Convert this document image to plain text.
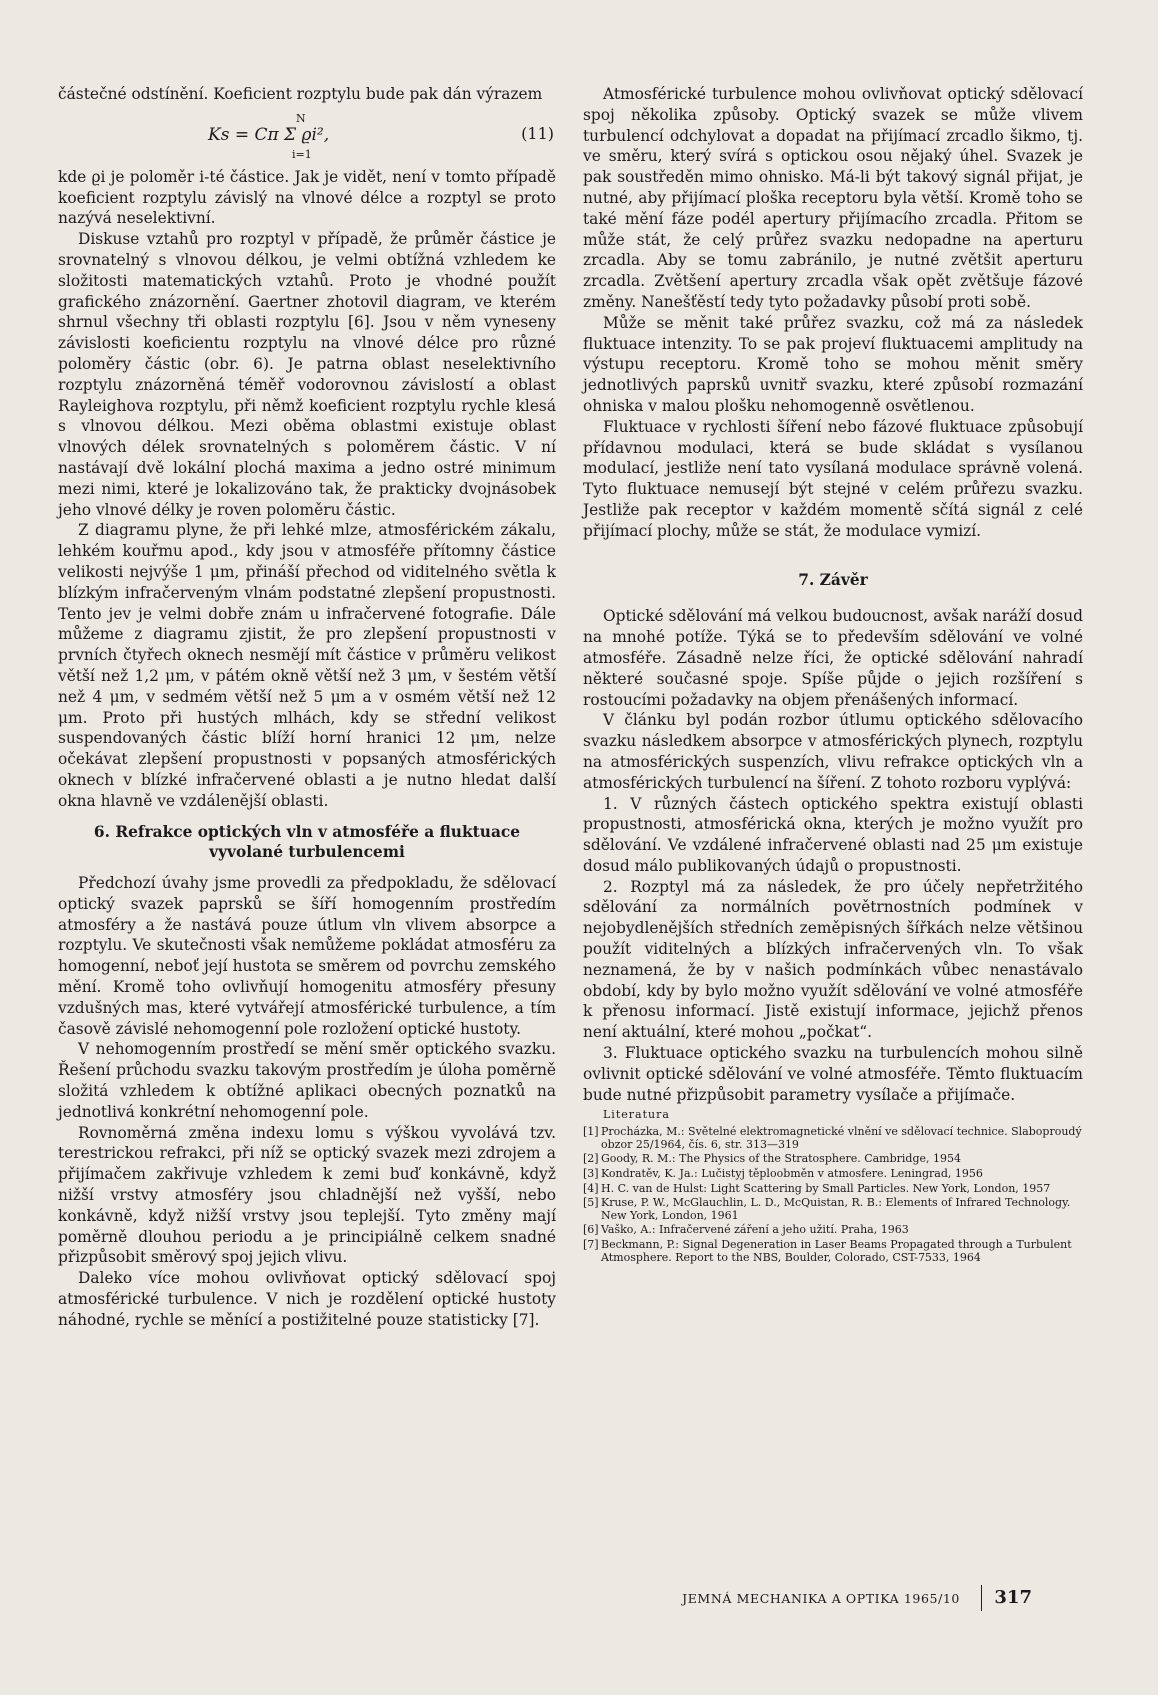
částečné odstínění. Koeficient rozptylu bude pak dán výrazem

N
Ks = Cπ Σ ϱi²,
i=1
(11)

kde ϱi je poloměr i-té částice. Jak je vidět, není v tomto případě koeficient rozptylu závislý na vlnové délce a rozptyl se proto nazývá neselektivní.

Diskuse vztahů pro rozptyl v případě, že průměr částice je srovnatelný s vlnovou délkou, je velmi obtížná vzhledem ke složitosti matematických vztahů. Proto je vhodné použít grafického znázornění. Gaertner zhotovil diagram, ve kterém shrnul všechny tři oblasti rozptylu [6]. Jsou v něm vyneseny závislosti koeficientu rozptylu na vlnové délce pro různé poloměry částic (obr. 6). Je patrna oblast neselektivního rozptylu znázorněná téměř vodorovnou závislostí a oblast Rayleighova rozptylu, při němž koeficient rozptylu rychle klesá s vlnovou délkou. Mezi oběma oblastmi existuje oblast vlnových délek srovnatelných s poloměrem částic. V ní nastávají dvě lokální plochá maxima a jedno ostré minimum mezi nimi, které je lokalizováno tak, že prakticky dvojnásobek jeho vlnové délky je roven poloměru částic.

Z diagramu plyne, že při lehké mlze, atmosférickém zákalu, lehkém kouřmu apod., kdy jsou v atmosféře přítomny částice velikosti nejvýše 1 μm, přináší přechod od viditelného světla k blízkým infračerveným vlnám podstatné zlepšení propustnosti. Tento jev je velmi dobře znám u infračervené fotografie. Dále můžeme z diagramu zjistit, že pro zlepšení propustnosti v prvních čtyřech oknech nesmějí mít částice v průměru velikost větší než 1,2 μm, v pátém okně větší než 3 μm, v šestém větší než 4 μm, v sedmém větší než 5 μm a v osmém větší než 12 μm. Proto při hustých mlhách, kdy se střední velikost suspendovaných částic blíží horní hranici 12 μm, nelze očekávat zlepšení propustnosti v popsaných atmosférických oknech v blízké infračervené oblasti a je nutno hledat další okna hlavně ve vzdálenější oblasti.

6. Refrakce optických vln v atmosféře a fluktuace vyvolané turbulencemi

Předchozí úvahy jsme provedli za předpokladu, že sdělovací optický svazek paprsků se šíří homogenním prostředím atmosféry a že nastává pouze útlum vln vlivem absorpce a rozptylu. Ve skutečnosti však nemůžeme pokládat atmosféru za homogenní, neboť její hustota se směrem od povrchu zemského mění. Kromě toho ovlivňují homogenitu atmosféry přesuny vzdušných mas, které vytvářejí atmosférické turbulence, a tím časově závislé nehomogenní pole rozložení optické hustoty.

V nehomogenním prostředí se mění směr optického svazku. Řešení průchodu svazku takovým prostředím je úloha poměrně složitá vzhledem k obtížné aplikaci obecných poznatků na jednotlivá konkrétní nehomogenní pole.

Rovnoměrná změna indexu lomu s výškou vyvolává tzv. terestrickou refrakci, při níž se optický svazek mezi zdrojem a přijímačem zakřivuje vzhledem k zemi buď konkávně, když nižší vrstvy atmosféry jsou chladnější než vyšší, nebo konkávně, když nižší vrstvy jsou teplejší. Tyto změny mají poměrně dlouhou periodu a je principiálně celkem snadné přizpůsobit směrový spoj jejich vlivu.

Daleko více mohou ovlivňovat optický sdělovací spoj atmosférické turbulence. V nich je rozdělení optické hustoty náhodné, rychle se měnící a postižitelné pouze statisticky [7].

Atmosférické turbulence mohou ovlivňovat optický sdělovací spoj několika způsoby. Optický svazek se může vlivem turbulencí odchylovat a dopadat na přijímací zrcadlo šikmo, tj. ve směru, který svírá s optickou osou nějaký úhel. Svazek je pak soustředěn mimo ohnisko. Má-li být takový signál přijat, je nutné, aby přijímací ploška receptoru byla větší. Kromě toho se také mění fáze podél apertury přijímacího zrcadla. Přitom se může stát, že celý průřez svazku nedopadne na aperturu zrcadla. Aby se tomu zabránilo, je nutné zvětšit aperturu zrcadla. Zvětšení apertury zrcadla však opět zvětšuje fázové změny. Nanešťěstí tedy tyto požadavky působí proti sobě.

Může se měnit také průřez svazku, což má za následek fluktuace intenzity. To se pak projeví fluktuacemi amplitudy na výstupu receptoru. Kromě toho se mohou měnit směry jednotlivých paprsků uvnitř svazku, které způsobí rozmazání ohniska v malou plošku nehomogenně osvětlenou.

Fluktuace v rychlosti šíření nebo fázové fluktuace způsobují přídavnou modulaci, která se bude skládat s vysílanou modulací, jestliže není tato vysílaná modulace správně volená. Tyto fluktuace nemusejí být stejné v celém průřezu svazku. Jestliže pak receptor v každém momentě sčítá signál z celé přijímací plochy, může se stát, že modulace vymizí.

7. Závěr

Optické sdělování má velkou budoucnost, avšak naráží dosud na mnohé potíže. Týká se to především sdělování ve volné atmosféře. Zásadně nelze říci, že optické sdělování nahradí některé současné spoje. Spíše půjde o jejich rozšíření s rostoucími požadavky na objem přenášených informací.

V článku byl podán rozbor útlumu optického sdělovacího svazku následkem absorpce v atmosférických plynech, rozptylu na atmosférických suspenzích, vlivu refrakce optických vln a atmosférických turbulencí na šíření. Z tohoto rozboru vyplývá:

1. V různých částech optického spektra existují oblasti propustnosti, atmosférická okna, kterých je možno využít pro sdělování. Ve vzdálené infračervené oblasti nad 25 μm existuje dosud málo publikovaných údajů o propustnosti.

2. Rozptyl má za následek, že pro účely nepřetržitého sdělování za normálních povětrnostních podmínek v nejobydlenějších středních zeměpisných šířkách nelze většinou použít viditelných a blízkých infračervených vln. To však neznamená, že by v našich podmínkách vůbec nenastávalo období, kdy by bylo možno využít sdělování ve volné atmosféře k přenosu informací. Jistě existují informace, jejichž přenos není aktuální, které mohou „počkat“.

3. Fluktuace optického svazku na turbulencích mohou silně ovlivnit optické sdělování ve volné atmosféře. Těmto fluktuacím bude nutné přizpůsobit parametry vysílače a přijímače.

Literatura

[1] Procházka, M.: Světelné elektromagnetické vlnění ve sdělovací technice. Slaboproudý obzor 25/1964, čís. 6, str. 313—319
[2] Goody, R. M.: The Physics of the Stratosphere. Cambridge, 1954
[3] Kondratěv, K. Ja.: Lučistyj těploobměn v atmosfere. Leningrad, 1956
[4] H. C. van de Hulst: Light Scattering by Small Particles. New York, London, 1957
[5] Kruse, P. W., McGlauchlin, L. D., McQuistan, R. B.: Elements of Infrared Technology. New York, London, 1961
[6] Vaško, A.: Infračervené záření a jeho užití. Praha, 1963
[7] Beckmann, P.: Signal Degeneration in Laser Beams Propagated through a Turbulent Atmosphere. Report to the NBS, Boulder, Colorado, CST-7533, 1964
JEMNÁ MECHANIKA A OPTIKA 1965/10 317
